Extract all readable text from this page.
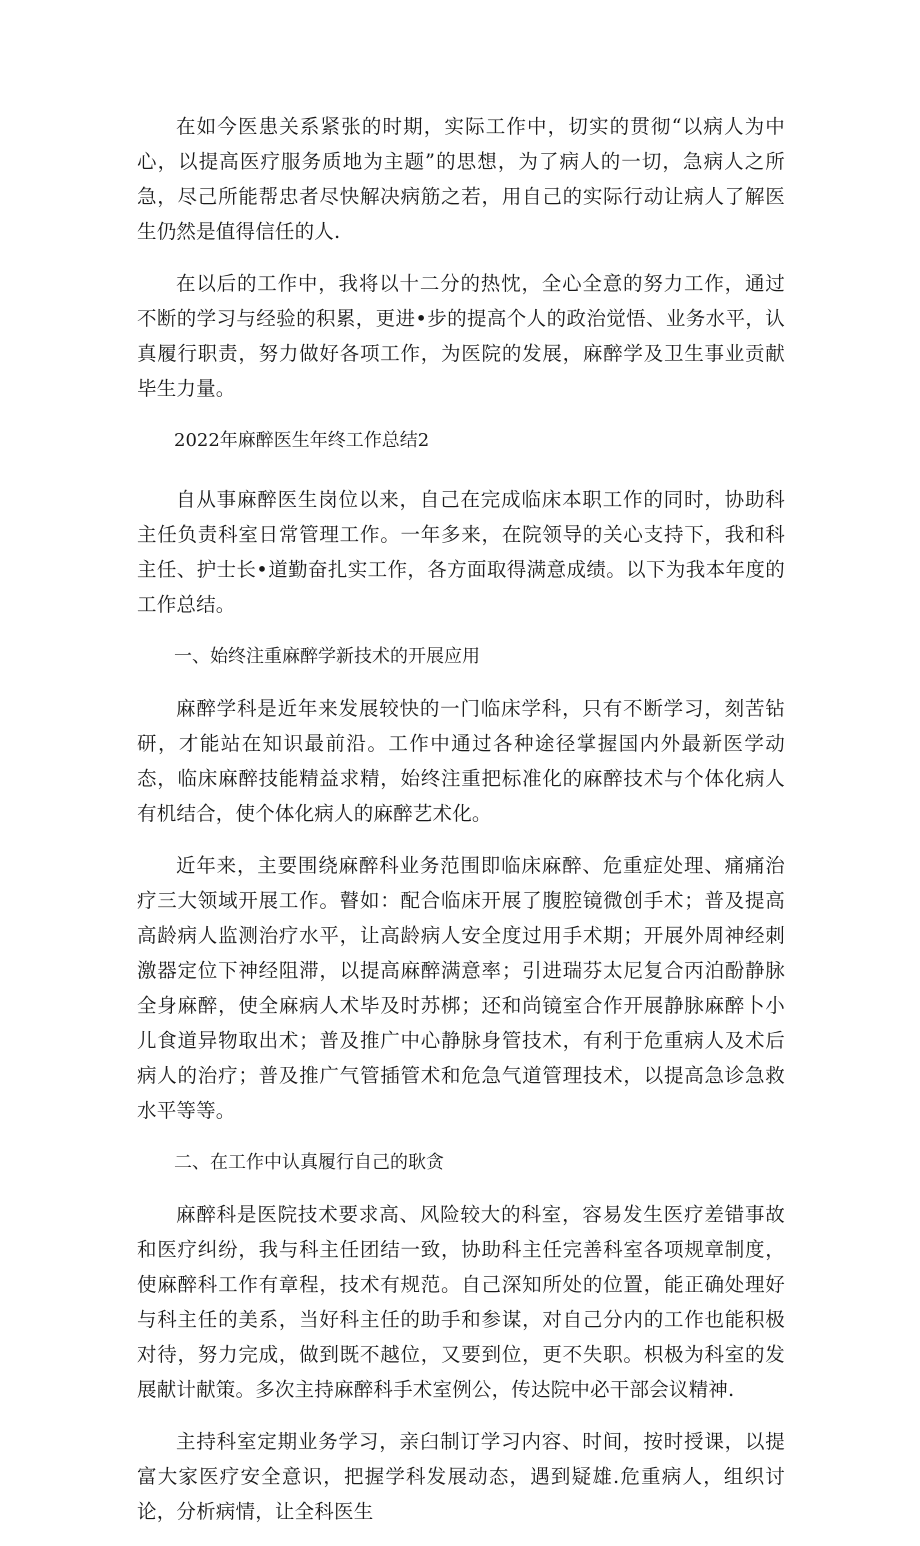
在如今医患关系紧张的时期，实际工作中，切实的贯彻“以病人为中心，以提高医疗服务质地为主题”的思想，为了病人的一切，急病人之所急，尽己所能帮忠者尽快解决病筋之若，用自己的实际行动让病人了解医生仍然是值得信任的人.

在以后的工作中，我将以十二分的热忱，全心全意的努力工作，通过不断的学习与经验的积累，更进•步的提高个人的政治觉悟、业务水平，认真履行职责，努力做好各项工作，为医院的发展，麻醉学及卫生事业贡献毕生力量。

2022年麻醉医生年终工作总结2

自从事麻醉医生岗位以来，自己在完成临床本职工作的同时，协助科主任负责科室日常管理工作。一年多来，在院领导的关心支持下，我和科主任、护士长•道勤奋扎实工作，各方面取得满意成绩。以下为我本年度的工作总结。

一、始终注重麻醉学新技术的开展应用

麻醉学科是近年来发展较快的一门临床学科，只有不断学习，刻苦钻研，才能站在知识最前沿。工作中通过各种途径掌握国内外最新医学动态，临床麻醉技能精益求精，始终注重把标准化的麻醉技术与个体化病人有机结合，使个体化病人的麻醉艺术化。

近年来，主要围绕麻醉科业务范围即临床麻醉、危重症处理、痛痛治疗三大领域开展工作。瞽如：配合临床开展了腹腔镜微创手术；普及提高高龄病人监测治疗水平，让高龄病人安全度过用手术期；开展外周神经刺激器定位下神经阻滞，以提高麻醉满意率；引进瑞芬太尼复合丙泊酚静脉全身麻醉，使全麻病人术毕及时苏梆；还和尚镜室合作开展静脉麻醉卜小儿食道异物取出术；普及推广中心静脉身管技术，有利于危重病人及术后病人的治疗；普及推广气管插管术和危急气道管理技术，以提高急诊急救水平等等。

二、在工作中认真履行自己的耿贪

麻醉科是医院技术要求高、风险较大的科室，容易发生医疗差错事故和医疗纠纷，我与科主任团结一致，协助科主任完善科室各项规章制度，使麻醉科工作有章程，技术有规范。自己深知所处的位置，能正确处理好与科主任的美系，当好科主任的助手和参谋，对自己分内的工作也能积极对待，努力完成，做到既不越位，又要到位，更不失职。枳极为科室的发展献计献策。多次主持麻醉科手术室例公，传达院中必干部会议精神.

主持科室定期业务学习，亲臼制订学习内容、时间，按时授课，以提富大家医疗安全意识，把握学科发展动态，遇到疑雄.危重病人，组织讨论，分析病情，让全科医生
